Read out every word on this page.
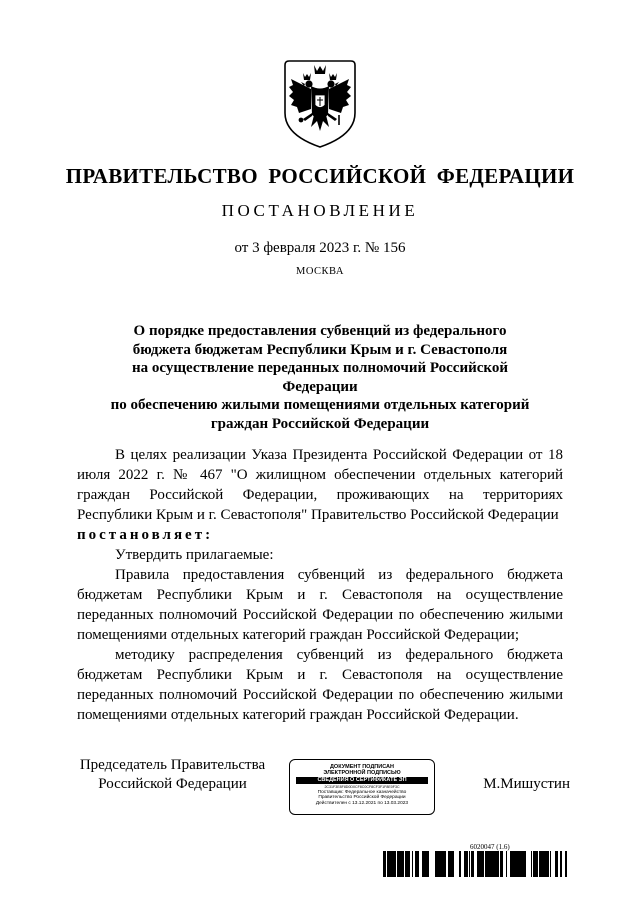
ПРАВИТЕЛЬСТВО РОССИЙСКОЙ ФЕДЕРАЦИИ
ПОСТАНОВЛЕНИЕ
от 3 февраля 2023 г. № 156
МОСКВА
О порядке предоставления субвенций из федерального
бюджета бюджетам Республики Крым и г. Севастополя
на осуществление переданных полномочий Российской Федерации
по обеспечению жилыми помещениями отдельных категорий
граждан Российской Федерации

В целях реализации Указа Президента Российской Федерации от 18 июля 2022 г. № 467 "О жилищном обеспечении отдельных категорий граждан Российской Федерации, проживающих на территориях Республики Крым и г. Севастополя" Правительство Российской Федерации

постановляет:

Утвердить прилагаемые:

Правила предоставления субвенций из федерального бюджета бюджетам Республики Крым и г. Севастополя на осуществление переданных полномочий Российской Федерации по обеспечению жилыми помещениями отдельных категорий граждан Российской Федерации;

методику распределения субвенций из федерального бюджета бюджетам Республики Крым и г. Севастополя на осуществление переданных полномочий Российской Федерации по обеспечению жилыми помещениями отдельных категорий граждан Российской Федерации.

Председатель Правительства
Российской Федерации
ДОКУМЕНТ ПОДПИСАН
ЭЛЕКТРОННОЙ ПОДПИСЬЮ
СВЕДЕНИЯ О СЕРТИФИКАТЕ ЭП
2C31F3E8F8D0D0CF8C0CF8CF3F1F8E0F3C
Поставщик: Федеральное казначейство
Правительство Российской Федерации
Действителен с 13.12.2021 по 13.03.2023
М.Мишустин
6020047 (1.6)
